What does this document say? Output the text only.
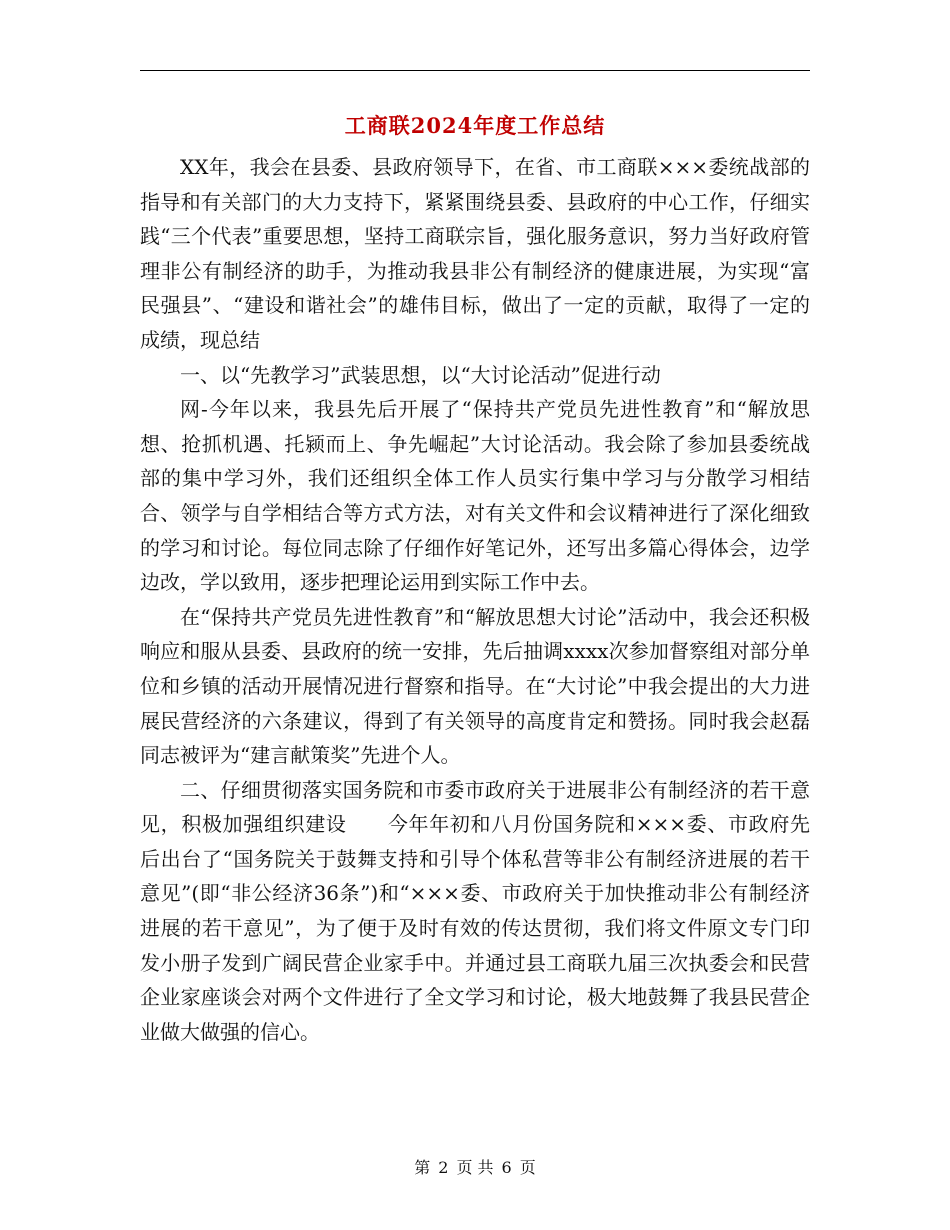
工商联2024年度工作总结

XX年，我会在县委、县政府领导下，在省、市工商联×××委统战部的指导和有关部门的大力支持下，紧紧围绕县委、县政府的中心工作，仔细实践“三个代表”重要思想，坚持工商联宗旨，强化服务意识，努力当好政府管理非公有制经济的助手，为推动我县非公有制经济的健康进展，为实现“富民强县”、“建设和谐社会”的雄伟目标，做出了一定的贡献，取得了一定的成绩，现总结

一、以“先教学习”武装思想，以“大讨论活动”促进行动

网-今年以来，我县先后开展了“保持共产党员先进性教育”和“解放思想、抢抓机遇、托颍而上、争先崛起”大讨论活动。我会除了参加县委统战部的集中学习外，我们还组织全体工作人员实行集中学习与分散学习相结合、领学与自学相结合等方式方法，对有关文件和会议精神进行了深化细致的学习和讨论。每位同志除了仔细作好笔记外，还写出多篇心得体会，边学边改，学以致用，逐步把理论运用到实际工作中去。

在“保持共产党员先进性教育”和“解放思想大讨论”活动中，我会还积极响应和服从县委、县政府的统一安排，先后抽调xxxx次参加督察组对部分单位和乡镇的活动开展情况进行督察和指导。在“大讨论”中我会提出的大力进展民营经济的六条建议，得到了有关领导的高度肯定和赞扬。同时我会赵磊同志被评为“建言献策奖”先进个人。

二、仔细贯彻落实国务院和市委市政府关于进展非公有制经济的若干意见，积极加强组织建设　　今年年初和八月份国务院和×××委、市政府先后出台了“国务院关于鼓舞支持和引导个体私营等非公有制经济进展的若干意见”(即“非公经济36条”)和“×××委、市政府关于加快推动非公有制经济进展的若干意见”，为了便于及时有效的传达贯彻，我们将文件原文专门印发小册子发到广阔民营企业家手中。并通过县工商联九届三次执委会和民营企业家座谈会对两个文件进行了全文学习和讨论，极大地鼓舞了我县民营企业做大做强的信心。

第 2 页 共 6 页
